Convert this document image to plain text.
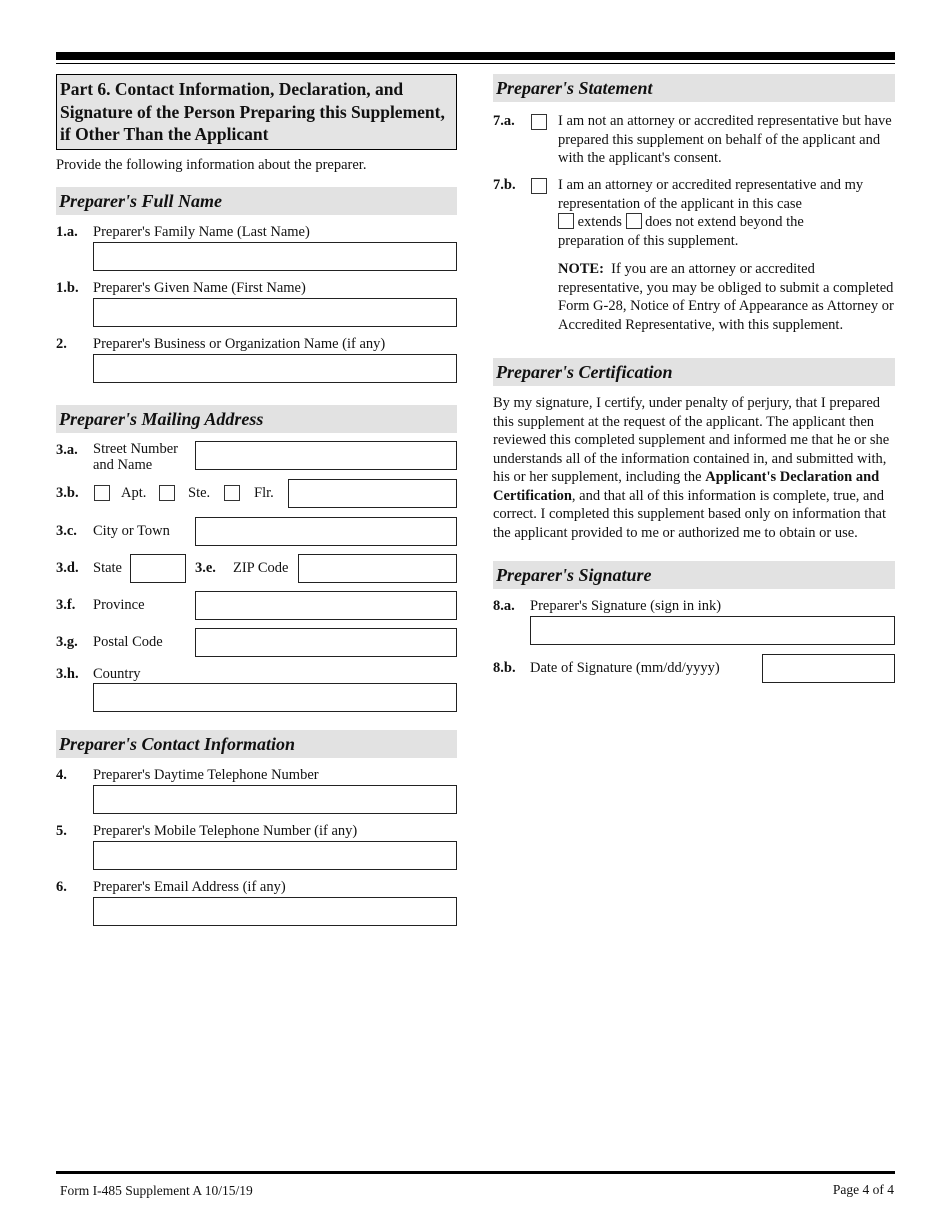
Part 6. Contact Information, Declaration, and Signature of the Person Preparing this Supplement, if Other Than the Applicant
Provide the following information about the preparer.
Preparer's Full Name
1.a. Preparer's Family Name (Last Name)
1.b. Preparer's Given Name (First Name)
2. Preparer's Business or Organization Name (if any)
Preparer's Mailing Address
3.a. Street Number
and Name
3.b.	Apt.	Ste.	Flr.
3.c. City or Town
3.d. State	3.e. ZIP Code
3.f. Province
3.g. Postal Code
3.h. Country
Preparer's Contact Information
4. Preparer's Daytime Telephone Number
5. Preparer's Mobile Telephone Number (if any)
6. Preparer's Email Address (if any)
Preparer's Statement
7.a.	I am not an attorney or accredited representative but have prepared this supplement on behalf of the applicant and with the applicant's consent.
7.b.	I am an attorney or accredited representative and my representation of the applicant in this case
extends does not extend beyond the
preparation of this supplement.
NOTE: If you are an attorney or accredited representative, you may be obliged to submit a completed Form G-28, Notice of Entry of Appearance as Attorney or Accredited Representative, with this supplement.
Preparer's Certification
By my signature, I certify, under penalty of perjury, that I prepared this supplement at the request of the applicant. The applicant then reviewed this completed supplement and informed me that he or she understands all of the information contained in, and submitted with, his or her supplement, including the Applicant's Declaration and Certification, and that all of this information is complete, true, and correct. I completed this supplement based only on information that the applicant provided to me or authorized me to obtain or use.
Preparer's Signature
8.a. Preparer's Signature (sign in ink)
8.b. Date of Signature (mm/dd/yyyy)
Form I-485 Supplement A 10/15/19	Page 4 of 4
